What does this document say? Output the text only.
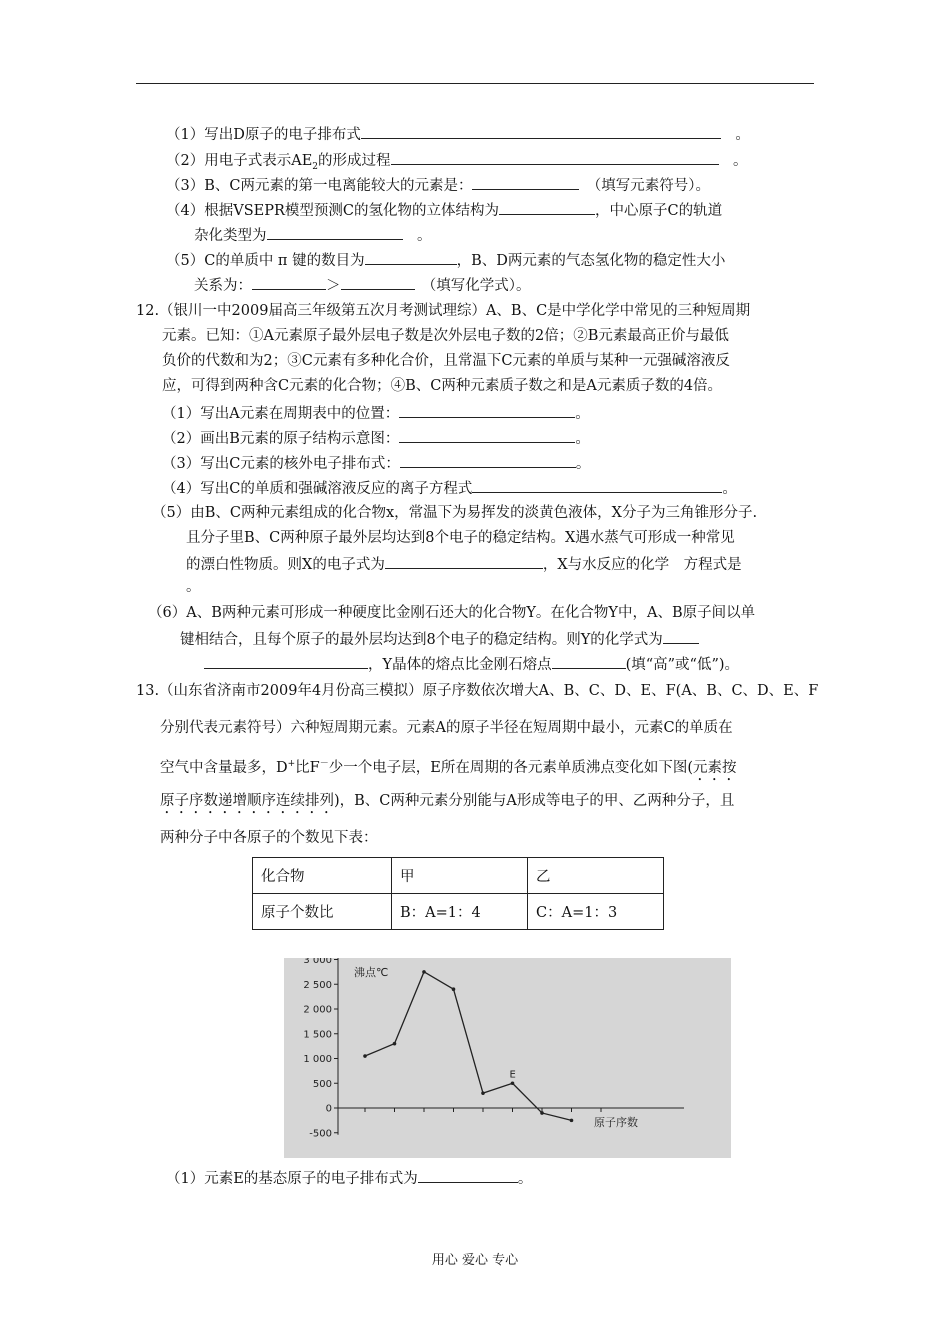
（1）写出D原子的电子排布式　	。
（2）用电子式表示$AE_2$的形成过程　	。
（3）B、C两元素的第一电离能较大的元素是：　	（填写元素符号）。
（4）根据VSEPR模型预测C的氢化物的立体结构为	，中心原子C的轨道
杂化类型为　	。
（5）C的单质中 π 键的数目为	，B、D两元素的气态氢化物的稳定性大小
关系为：	＞　	（填写化学式）。
12.（银川一中2009届高三年级第五次月考测试理综）A、B、C是中学化学中常见的三种短周期
元素。已知：①A元素原子最外层电子数是次外层电子数的2倍；②B元素最高正价与最低
负价的代数和为2；③C元素有多种化合价，且常温下C元素的单质与某种一元强碱溶液反
应，可得到两种含C元素的化合物；④B、C两种元素质子数之和是A元素质子数的4倍。
（1）写出A元素在周期表中的位置：	。
（2）画出B元素的原子结构示意图：	。
（3）写出C元素的核外电子排布式：	。
（4）写出C的单质和强碱溶液反应的离子方程式	。
（5）由B、C两种元素组成的化合物x，常温下为易挥发的淡黄色液体，X分子为三角锥形分子.
且分子里B、C两种原子最外层均达到8个电子的稳定结构。X遇水蒸气可形成一种常见
的漂白性物质。则X的电子式为	，X与水反应的化学　方程式是
。
（6）A、B两种元素可形成一种硬度比金刚石还大的化合物Y。在化合物Y中，A、B原子间以单
键相结合，且每个原子的最外层均达到8个电子的稳定结构。则Y的化学式为
，Y晶体的熔点比金刚石熔点	(填“高”或“低”)。
13.（山东省济南市2009年4月份高三模拟）原子序数依次增大A、B、C、D、E、F(A、B、C、D、E、F
分别代表元素符号）六种短周期元素。元素A的原子半径在短周期中最小，元素C的单质在
空气中含量最多，D+比F－少一个电子层，E所在周期的各元素单质沸点变化如下图(元素按
原子序数递增顺序连续排列)，B、C两种元素分别能与A形成等电子的甲、乙两种分子，且
两种分子中各原子的个数见下表：
化合物	甲	乙
原子个数比	B：A=1：4	C：A=1：3
3 000
2 500
2 000
1 500
1 000
500
0
-500
沸点℃
原子序数
E
（1）元素E的基态原子的电子排布式为	。
用心 爱心 专心
